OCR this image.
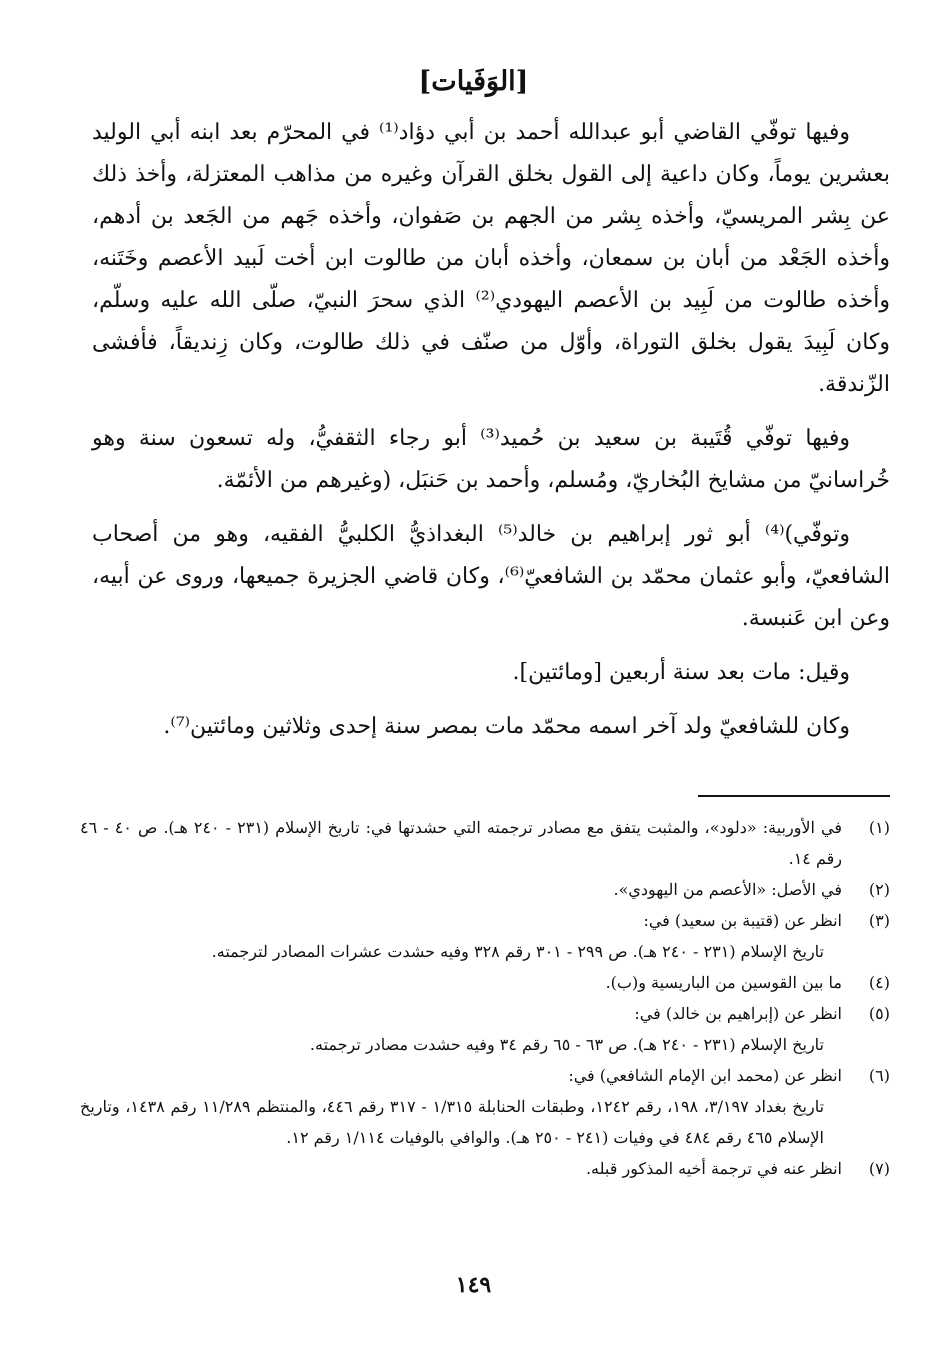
[الوَفَيات]

وفيها توفّي القاضي أبو عبدالله أحمد بن أبي دؤاد⁽¹⁾ في المحرّم بعد ابنه أبي الوليد بعشرين يوماً، وكان داعية إلى القول بخلق القرآن وغيره من مذاهب المعتزلة، وأخذ ذلك عن بِشر المريسيّ، وأخذه بِشر من الجهم بن صَفوان، وأخذه جَهم من الجَعد بن أدهم، وأخذه الجَعْد من أبان بن سمعان، وأخذه أبان من طالوت ابن أخت لَبيد الأعصم وخَتَنه، وأخذه طالوت من لَبِيد بن الأعصم اليهودي⁽²⁾ الذي سحرَ النبيّ، صلّى الله عليه وسلّم، وكان لَبِيدَ يقول بخلق التوراة، وأوّل من صنّف في ذلك طالوت، وكان زِنديقاً، فأفشى الزّندقة.

وفيها توفّي قُتَيبة بن سعيد بن حُميد⁽³⁾ أبو رجاء الثقفيُّ، وله تسعون سنة وهو خُراسانيّ من مشايخ البُخاريّ، ومُسلم، وأحمد بن حَنبَل، (وغيرهم من الأئمّة.

وتوفّي)⁽⁴⁾ أبو ثور إبراهيم بن خالد⁽⁵⁾ البغداذيُّ الكلبيُّ الفقيه، وهو من أصحاب الشافعيّ، وأبو عثمان محمّد بن الشافعيّ⁽⁶⁾، وكان قاضي الجزيرة جميعها، وروى عن أبيه، وعن ابن عَنبسة.

وقيل: مات بعد سنة أربعين [ومائتين].

وكان للشافعيّ ولد آخر اسمه محمّد مات بمصر سنة إحدى وثلاثين ومائتين⁽⁷⁾.

(١)
في الأوربية: «دلود»، والمثبت يتفق مع مصادر ترجمته التي حشدتها في: تاريخ الإسلام (٢٣١ - ٢٤٠ هـ). ص ٤٠ - ٤٦ رقم ١٤.
(٢)
في الأصل: «الأعصم من اليهودي».
(٣)
انظر عن (قتيبة بن سعيد) في:
تاريخ الإسلام (٢٣١ - ٢٤٠ هـ). ص ٢٩٩ - ٣٠١ رقم ٣٢٨ وفيه حشدت عشرات المصادر لترجمته.
(٤)
ما بين القوسين من الباريسية و(ب).
(٥)
انظر عن (إبراهيم بن خالد) في:
تاريخ الإسلام (٢٣١ - ٢٤٠ هـ). ص ٦٣ - ٦٥ رقم ٣٤ وفيه حشدت مصادر ترجمته.
(٦)
انظر عن (محمد ابن الإمام الشافعي) في:
تاريخ بغداد ٣/١٩٧، ١٩٨، رقم ١٢٤٢، وطبقات الحنابلة ١/٣١٥ - ٣١٧ رقم ٤٤٦، والمنتظم ١١/٢٨٩ رقم ١٤٣٨، وتاريخ الإسلام ٤٦٥ رقم ٤٨٤ في وفيات (٢٤١ - ٢٥٠ هـ). والوافي بالوفيات ١/١١٤ رقم ١٢.
(٧)
انظر عنه في ترجمة أخيه المذكور قبله.
١٤٩
